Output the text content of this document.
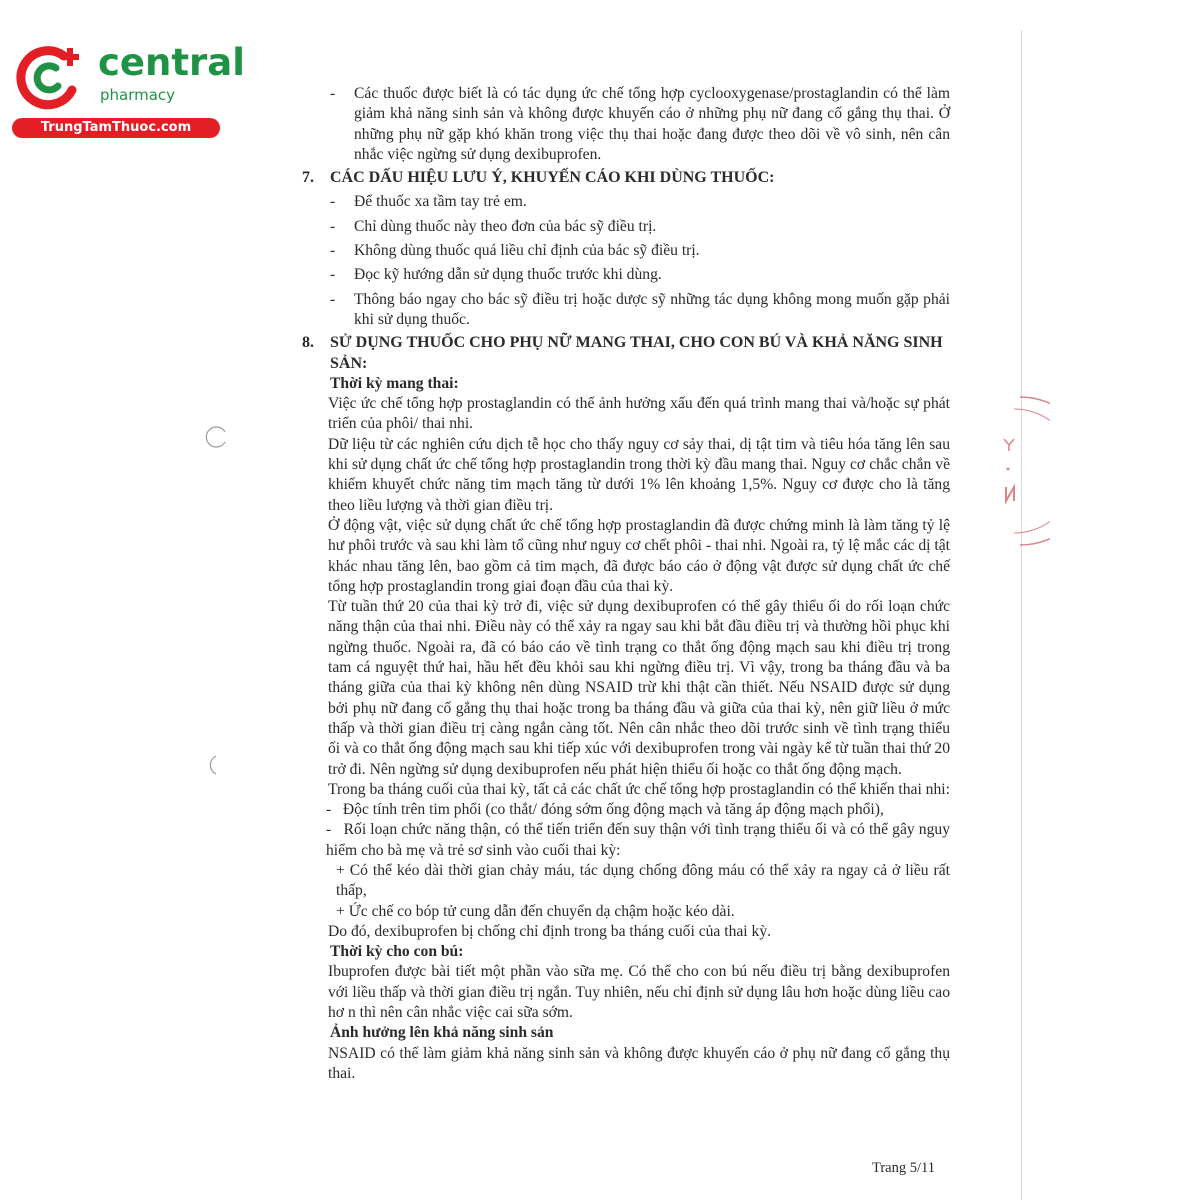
central
pharmacy
TrungTamThuoc.com
- Các thuốc được biết là có tác dụng ức chế tổng hợp cyclooxygenase/prostaglandin có thể làm giảm khả năng sinh sản và không được khuyến cáo ở những phụ nữ đang cố gắng thụ thai. Ở những phụ nữ gặp khó khăn trong việc thụ thai hoặc đang được theo dõi về vô sinh, nên cân nhắc việc ngừng sử dụng dexibuprofen.
7. CÁC DẤU HIỆU LƯU Ý, KHUYẾN CÁO KHI DÙNG THUỐC:
- Để thuốc xa tầm tay trẻ em.
- Chỉ dùng thuốc này theo đơn của bác sỹ điều trị.
- Không dùng thuốc quá liều chỉ định của bác sỹ điều trị.
- Đọc kỹ hướng dẫn sử dụng thuốc trước khi dùng.
- Thông báo ngay cho bác sỹ điều trị hoặc dược sỹ những tác dụng không mong muốn gặp phải khi sử dụng thuốc.
8. SỬ DỤNG THUỐC CHO PHỤ NỮ MANG THAI, CHO CON BÚ VÀ KHẢ NĂNG SINH SẢN:
Thời kỳ mang thai:
Việc ức chế tổng hợp prostaglandin có thể ảnh hưởng xấu đến quá trình mang thai và/hoặc sự phát triển của phôi/ thai nhi.
Dữ liệu từ các nghiên cứu dịch tễ học cho thấy nguy cơ sảy thai, dị tật tim và tiêu hóa tăng lên sau khi sử dụng chất ức chế tổng hợp prostaglandin trong thời kỳ đầu mang thai. Nguy cơ chắc chắn về khiếm khuyết chức năng tim mạch tăng từ dưới 1% lên khoảng 1,5%. Nguy cơ được cho là tăng theo liều lượng và thời gian điều trị.
Ở động vật, việc sử dụng chất ức chế tổng hợp prostaglandin đã được chứng minh là làm tăng tỷ lệ hư phôi trước và sau khi làm tổ cũng như nguy cơ chết phôi - thai nhi. Ngoài ra, tỷ lệ mắc các dị tật khác nhau tăng lên, bao gồm cả tim mạch, đã được báo cáo ở động vật được sử dụng chất ức chế tổng hợp prostaglandin trong giai đoạn đầu của thai kỳ.
Từ tuần thứ 20 của thai kỳ trở đi, việc sử dụng dexibuprofen có thể gây thiểu ối do rối loạn chức năng thận của thai nhi. Điều này có thể xảy ra ngay sau khi bắt đầu điều trị và thường hồi phục khi ngừng thuốc. Ngoài ra, đã có báo cáo về tình trạng co thắt ống động mạch sau khi điều trị trong tam cá nguyệt thứ hai, hầu hết đều khỏi sau khi ngừng điều trị. Vì vậy, trong ba tháng đầu và ba tháng giữa của thai kỳ không nên dùng NSAID trừ khi thật cần thiết. Nếu NSAID được sử dụng bởi phụ nữ đang cố gắng thụ thai hoặc trong ba tháng đầu và giữa của thai kỳ, nên giữ liều ở mức thấp và thời gian điều trị càng ngắn càng tốt. Nên cân nhắc theo dõi trước sinh về tình trạng thiểu ối và co thắt ống động mạch sau khi tiếp xúc với dexibuprofen trong vài ngày kể từ tuần thai thứ 20 trở đi. Nên ngừng sử dụng dexibuprofen nếu phát hiện thiểu ối hoặc co thắt ống động mạch.
Trong ba tháng cuối của thai kỳ, tất cả các chất ức chế tổng hợp prostaglandin có thể khiến thai nhi:
- Độc tính trên tim phổi (co thắt/ đóng sớm ống động mạch và tăng áp động mạch phổi),
- Rối loạn chức năng thận, có thể tiến triển đến suy thận với tình trạng thiểu ối và có thể gây nguy hiểm cho bà mẹ và trẻ sơ sinh vào cuối thai kỳ:
+ Có thể kéo dài thời gian chảy máu, tác dụng chống đông máu có thể xảy ra ngay cả ở liều rất thấp,
+ Ức chế co bóp tử cung dẫn đến chuyển dạ chậm hoặc kéo dài.
Do đó, dexibuprofen bị chống chỉ định trong ba tháng cuối của thai kỳ.
Thời kỳ cho con bú:
Ibuprofen được bài tiết một phần vào sữa mẹ. Có thể cho con bú nếu điều trị bằng dexibuprofen với liều thấp và thời gian điều trị ngắn. Tuy nhiên, nếu chỉ định sử dụng lâu hơn hoặc dùng liều cao hơ n thì nên cân nhắc việc cai sữa sớm.
Ảnh hưởng lên khả năng sinh sản
NSAID có thể làm giảm khả năng sinh sản và không được khuyến cáo ở phụ nữ đang cố gắng thụ thai.
Trang 5/11
